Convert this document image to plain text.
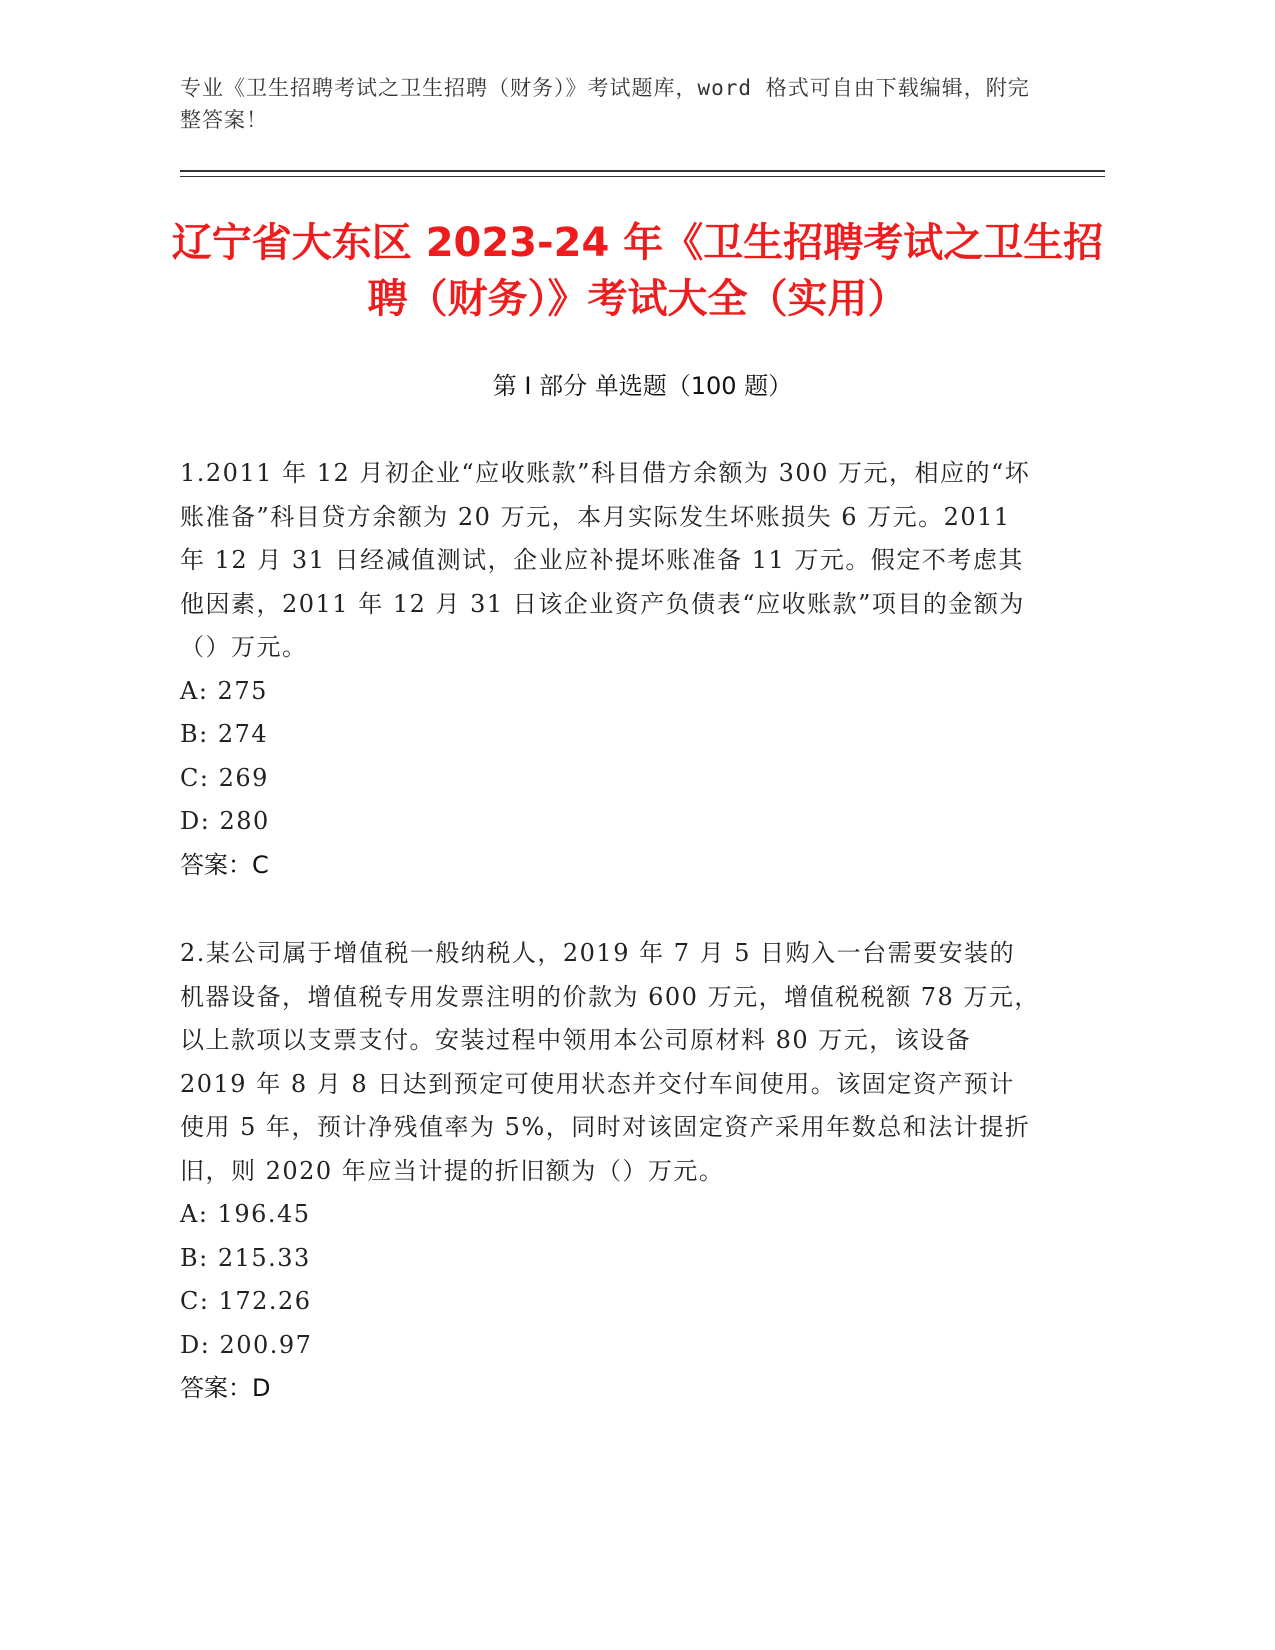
专业《卫生招聘考试之卫生招聘（财务）》考试题库，word 格式可自由下载编辑，附完整答案！
辽宁省大东区 2023-24 年《卫生招聘考试之卫生招聘（财务）》考试大全（实用）
第 I 部分 单选题（100 题）

1.2011 年 12 月初企业“应收账款”科目借方余额为 300 万元，相应的“坏账准备”科目贷方余额为 20 万元，本月实际发生坏账损失 6 万元。2011 年 12 月 31 日经减值测试，企业应补提坏账准备 11 万元。假定不考虑其他因素，2011 年 12 月 31 日该企业资产负债表“应收账款”项目的金额为（）万元。

A: 275

B: 274

C: 269

D: 280

答案：C

2.某公司属于增值税一般纳税人，2019 年 7 月 5 日购入一台需要安装的机器设备，增值税专用发票注明的价款为 600 万元，增值税税额 78 万元，以上款项以支票支付。安装过程中领用本公司原材料 80 万元，该设备 2019 年 8 月 8 日达到预定可使用状态并交付车间使用。该固定资产预计使用 5 年，预计净残值率为 5%，同时对该固定资产采用年数总和法计提折旧，则 2020 年应当计提的折旧额为（）万元。

A: 196.45

B: 215.33

C: 172.26

D: 200.97

答案：D
